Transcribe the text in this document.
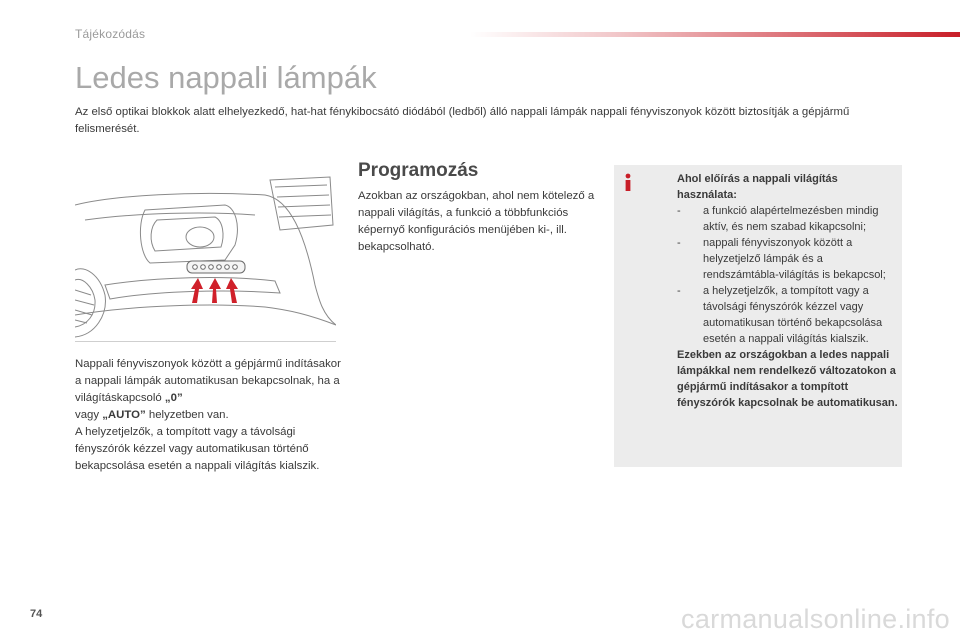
Tájékozódás
Ledes nappali lámpák
Az első optikai blokkok alatt elhelyezkedő, hat-hat fénykibocsátó diódából (ledből) álló nappali lámpák nappali fényviszonyok között biztosítják a gépjármű felismerését.
Nappali fényviszonyok között a gépjármű indításakor a nappali lámpák automatikusan bekapcsolnak, ha a világításkapcsoló „0”
vagy „AUTO” helyzetben van.
A helyzetjelzők, a tompított vagy a távolsági fényszórók kézzel vagy automatikusan történő bekapcsolása esetén a nappali világítás kialszik.
Programozás
Azokban az országokban, ahol nem kötelező a nappali világítás, a funkció a többfunkciós képernyő konfigurációs menüjében ki-, ill. bekapcsolható.
Ahol előírás a nappali világítás használata:
- a funkció alapértelmezésben mindig aktív, és nem szabad kikapcsolni;
- nappali fényviszonyok között a helyzetjelző lámpák és a rendszámtábla-világítás is bekapcsol;
- a helyzetjelzők, a tompított vagy a távolsági fényszórók kézzel vagy automatikusan történő bekapcsolása esetén a nappali világítás kialszik.
Ezekben az országokban a ledes nappali lámpákkal nem rendelkező változatokon a gépjármű indításakor a tompított fényszórók kapcsolnak be automatikusan.
74	carmanualsonline.info
